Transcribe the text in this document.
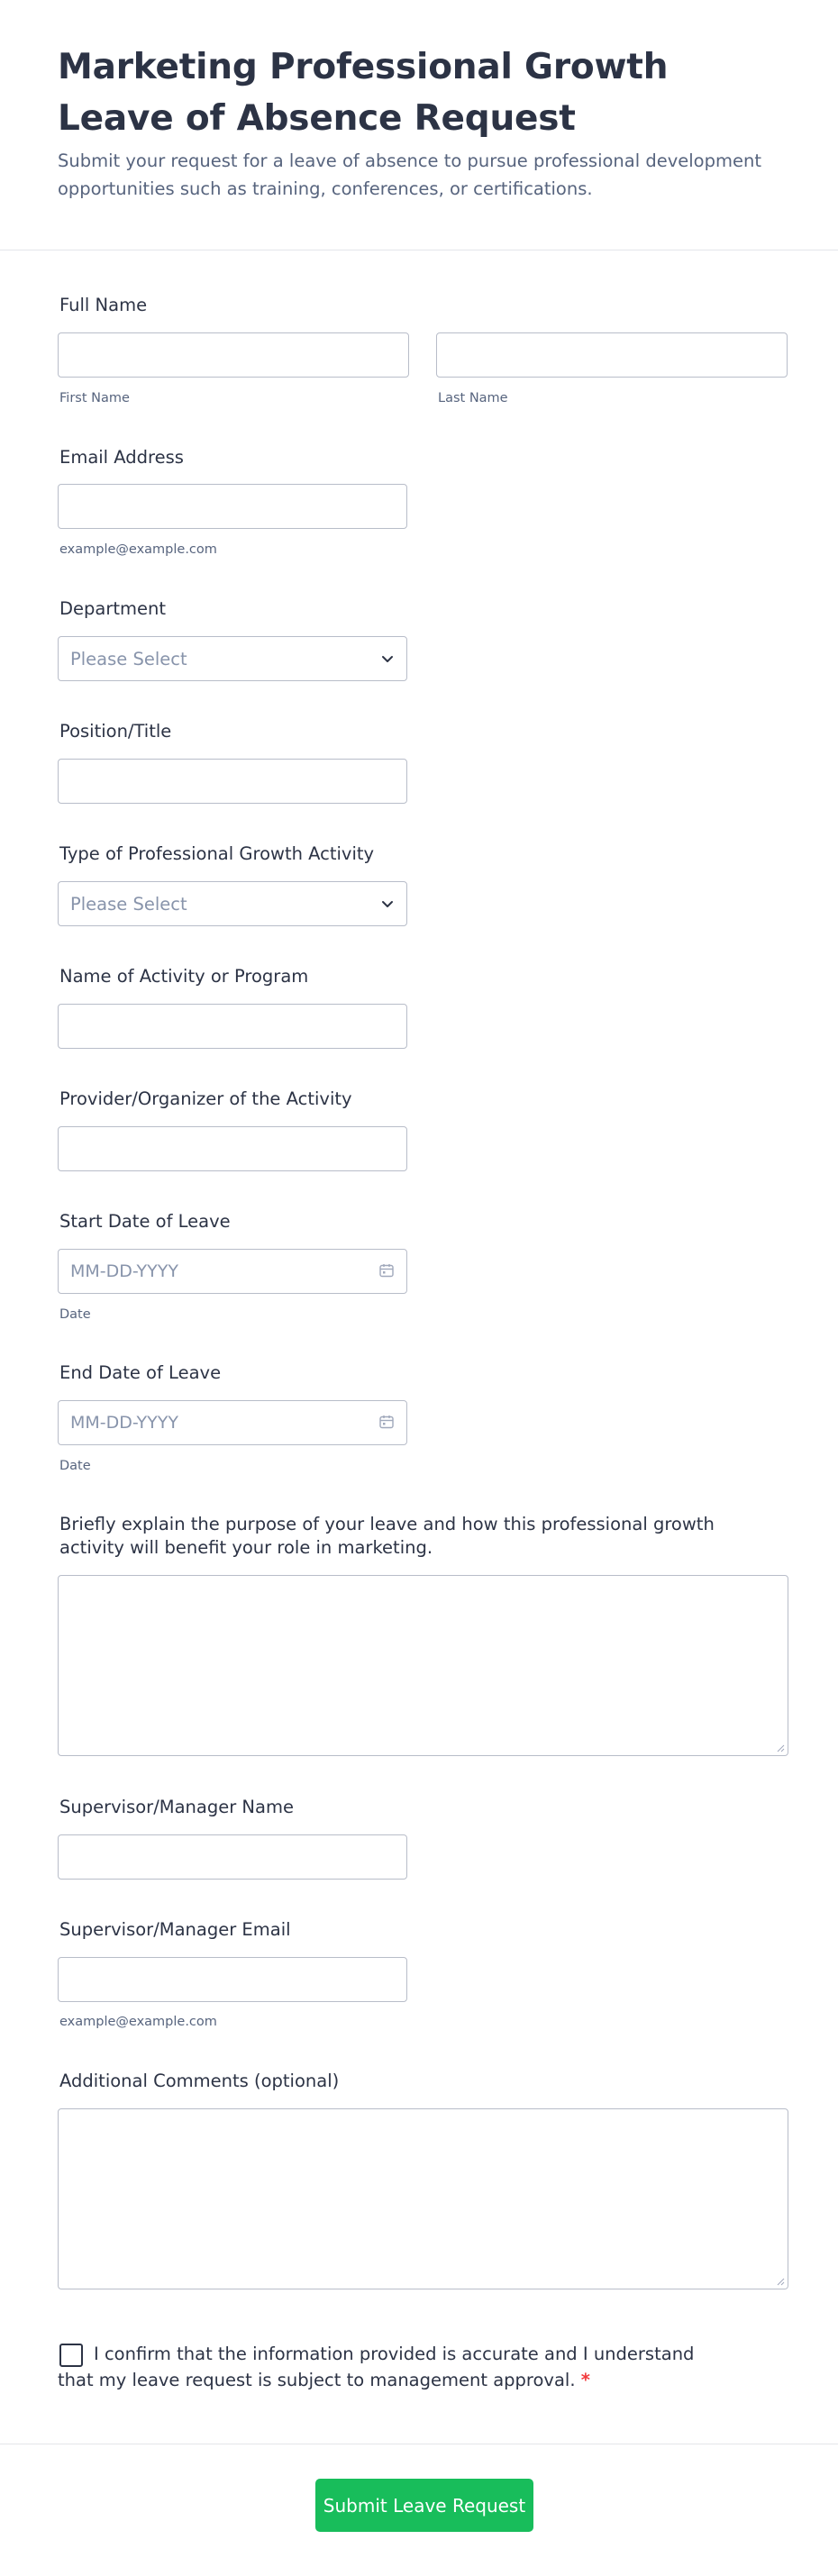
Marketing Professional Growth Leave of Absence Request
Submit your request for a leave of absence to pursue professional development opportunities such as training, conferences, or certifications.
Full Name
First Name	Last Name
Email Address
example@example.com
Department
Please Select
Position/Title
Type of Professional Growth Activity
Please Select
Name of Activity or Program
Provider/Organizer of the Activity
Start Date of Leave
MM-DD-YYYY
Date
End Date of Leave
MM-DD-YYYY
Date
Briefly explain the purpose of your leave and how this professional growth activity will benefit your role in marketing.
Supervisor/Manager Name
Supervisor/Manager Email
example@example.com
Additional Comments (optional)
I confirm that the information provided is accurate and I understand that my leave request is subject to management approval. *
Submit Leave Request
